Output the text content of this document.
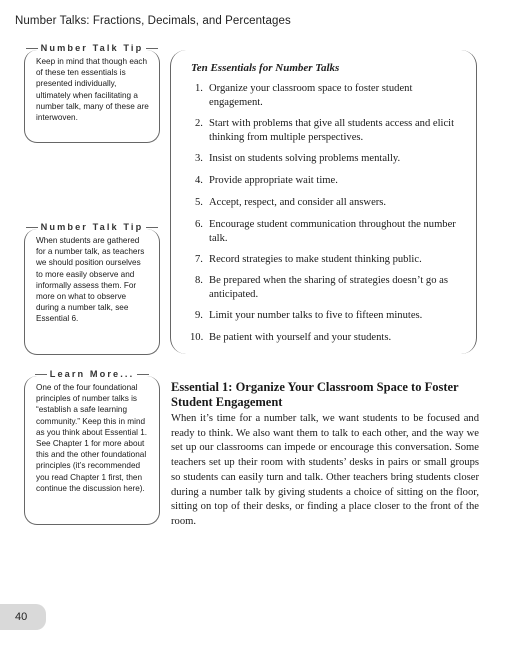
Number Talks: Fractions, Decimals, and Percentages
Number Talk Tip
Keep in mind that though each of these ten essentials is presented individually, ultimately when facilitating a number talk, many of these are interwoven.
Number Talk Tip
When students are gathered for a number talk, as teachers we should position ourselves to more easily observe and informally assess them. For more on what to observe during a number talk, see Essential 6.
Learn More...
One of the four foundational principles of number talks is “establish a safe learning community.” Keep this in mind as you think about Essential 1. See Chapter 1 for more about this and the other foundational principles (it’s recommended you read Chapter 1 first, then continue the discussion here).
Ten Essentials for Number Talks
1. Organize your classroom space to foster student engagement.
2. Start with problems that give all students access and elicit thinking from multiple perspectives.
3. Insist on students solving problems mentally.
4. Provide appropriate wait time.
5. Accept, respect, and consider all answers.
6. Encourage student communication throughout the number talk.
7. Record strategies to make student thinking public.
8. Be prepared when the sharing of strategies doesn’t go as anticipated.
9. Limit your number talks to five to fifteen minutes.
10. Be patient with yourself and your students.
Essential 1: Organize Your Classroom Space to Foster Student Engagement
When it’s time for a number talk, we want students to be focused and ready to think. We also want them to talk to each other, and the way we set up our classrooms can impede or encourage this conversation. Some teachers set up their room with students’ desks in pairs or small groups so students can easily turn and talk. Other teachers bring students closer during a number talk by giving students a choice of sitting on the floor, sitting on top of their desks, or finding a place closer to the front of the room.
40
